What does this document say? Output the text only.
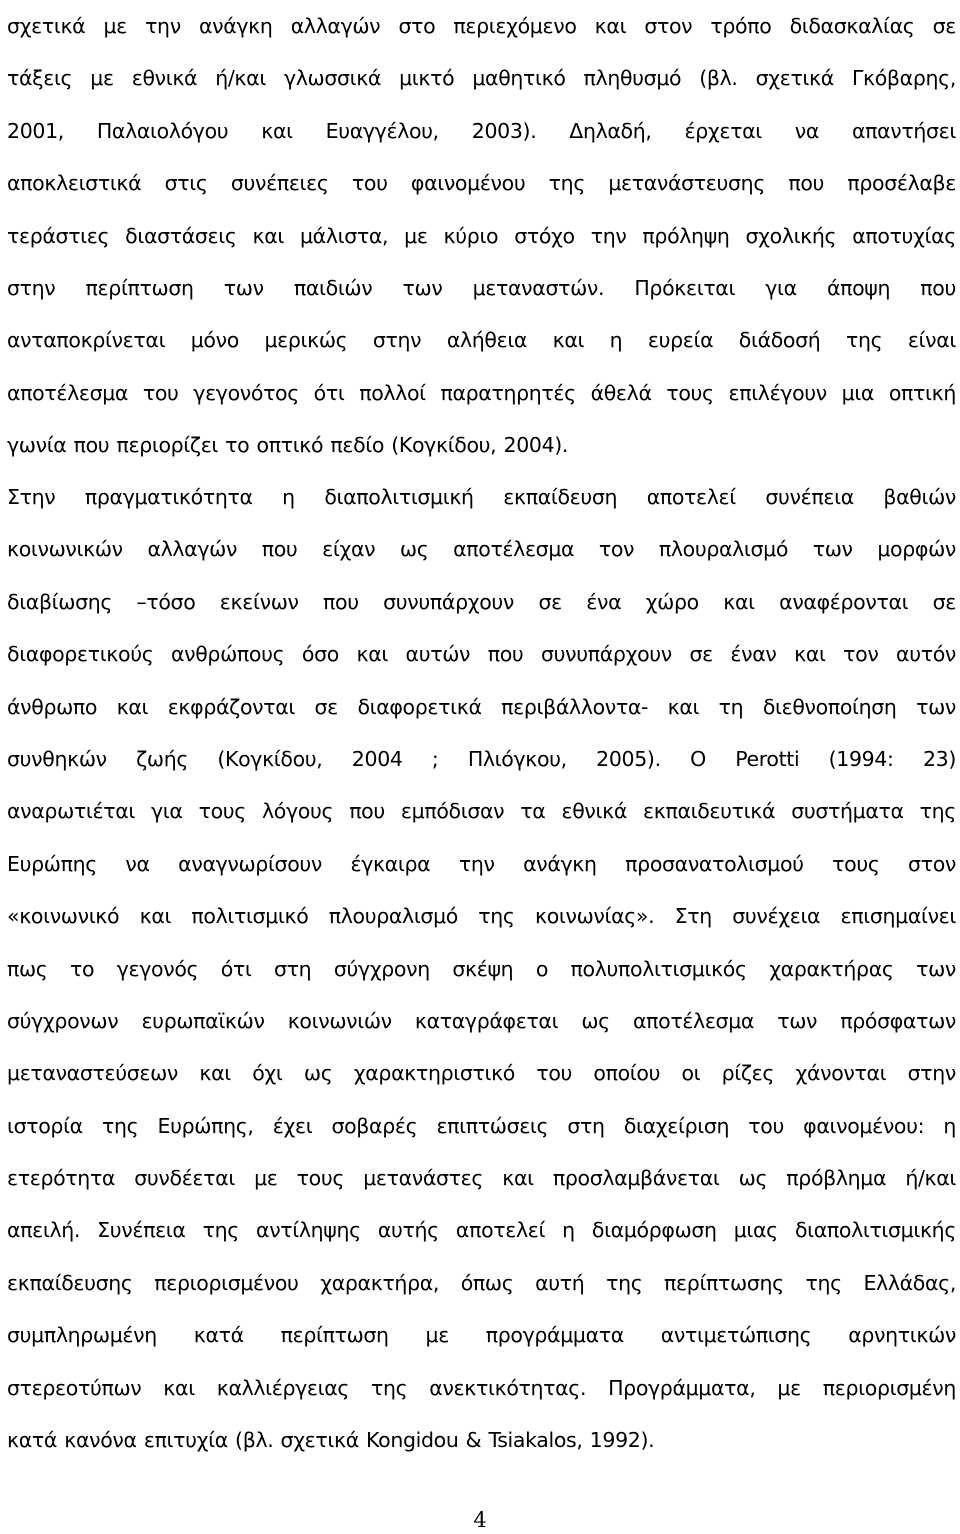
σχετικά με την ανάγκη αλλαγών στο περιεχόμενο και στον τρόπο διδασκαλίας σε
τάξεις με εθνικά ή/και γλωσσικά μικτό μαθητικό πληθυσμό (βλ. σχετικά Γκόβαρης,
2001, Παλαιολόγου και Ευαγγέλου, 2003). Δηλαδή, έρχεται να απαντήσει
αποκλειστικά στις συνέπειες του φαινομένου της μετανάστευσης που προσέλαβε
τεράστιες διαστάσεις και μάλιστα, με κύριο στόχο την πρόληψη σχολικής αποτυχίας
στην περίπτωση των παιδιών των μεταναστών. Πρόκειται για άποψη που
ανταποκρίνεται μόνο μερικώς στην αλήθεια και η ευρεία διάδοσή της είναι
αποτέλεσμα του γεγονότος ότι πολλοί παρατηρητές άθελά τους επιλέγουν μια οπτική
γωνία που περιορίζει το οπτικό πεδίο (Κογκίδου, 2004).
Στην πραγματικότητα η διαπολιτισμική εκπαίδευση αποτελεί συνέπεια βαθιών
κοινωνικών αλλαγών που είχαν ως αποτέλεσμα τον πλουραλισμό των μορφών
διαβίωσης –τόσο εκείνων που συνυπάρχουν σε ένα χώρο και αναφέρονται σε
διαφορετικούς ανθρώπους όσο και αυτών που συνυπάρχουν σε έναν και τον αυτόν
άνθρωπο και εκφράζονται σε διαφορετικά περιβάλλοντα- και τη διεθνοποίηση των
συνθηκών ζωής (Κογκίδου, 2004 ; Πλιόγκου, 2005). O Perotti (1994: 23)
αναρωτιέται για τους λόγους που εμπόδισαν τα εθνικά εκπαιδευτικά συστήματα της
Ευρώπης να αναγνωρίσουν έγκαιρα την ανάγκη προσανατολισμού τους στον
«κοινωνικό και πολιτισμικό πλουραλισμό της κοινωνίας». Στη συνέχεια επισημαίνει
πως το γεγονός ότι στη σύγχρονη σκέψη ο πολυπολιτισμικός χαρακτήρας των
σύγχρονων ευρωπαϊκών κοινωνιών καταγράφεται ως αποτέλεσμα των πρόσφατων
μεταναστεύσεων και όχι ως χαρακτηριστικό του οποίου οι ρίζες χάνονται στην
ιστορία της Ευρώπης, έχει σοβαρές επιπτώσεις στη διαχείριση του φαινομένου: η
ετερότητα συνδέεται με τους μετανάστες και προσλαμβάνεται ως πρόβλημα ή/και
απειλή. Συνέπεια της αντίληψης αυτής αποτελεί η διαμόρφωση μιας διαπολιτισμικής
εκπαίδευσης περιορισμένου χαρακτήρα, όπως αυτή της περίπτωσης της Ελλάδας,
συμπληρωμένη κατά περίπτωση με προγράμματα αντιμετώπισης αρνητικών
στερεοτύπων και καλλιέργειας της ανεκτικότητας. Προγράμματα, με περιορισμένη
κατά κανόνα επιτυχία (βλ. σχετικά Kongidou & Tsiakalos, 1992).
4
